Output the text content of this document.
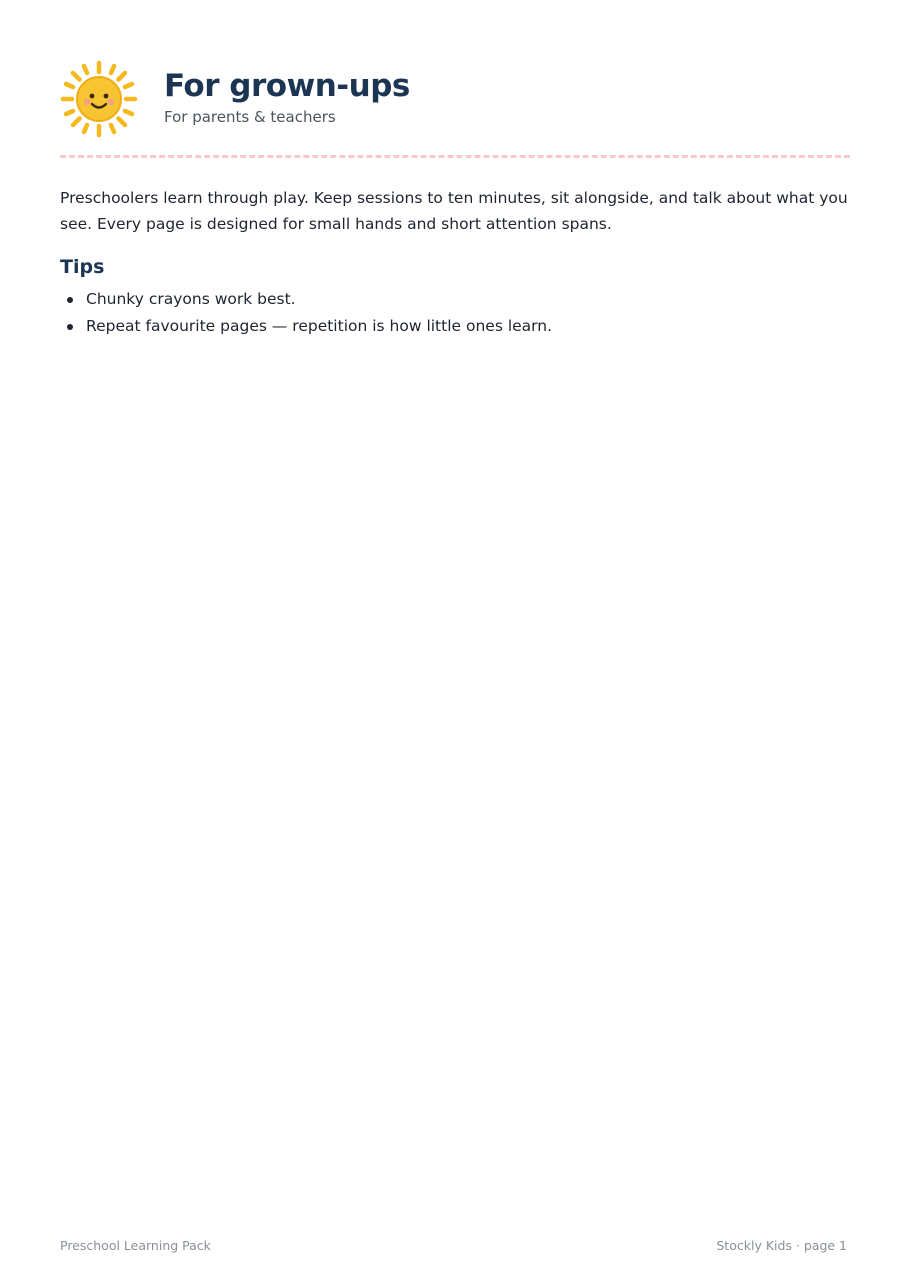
For grown-ups
For parents & teachers

Preschoolers learn through play. Keep sessions to ten minutes, sit alongside, and talk about what you see. Every page is designed for small hands and short attention spans.

Tips
Chunky crayons work best.
Repeat favourite pages — repetition is how little ones learn.
Preschool Learning Pack	Stockly Kids · page 1
